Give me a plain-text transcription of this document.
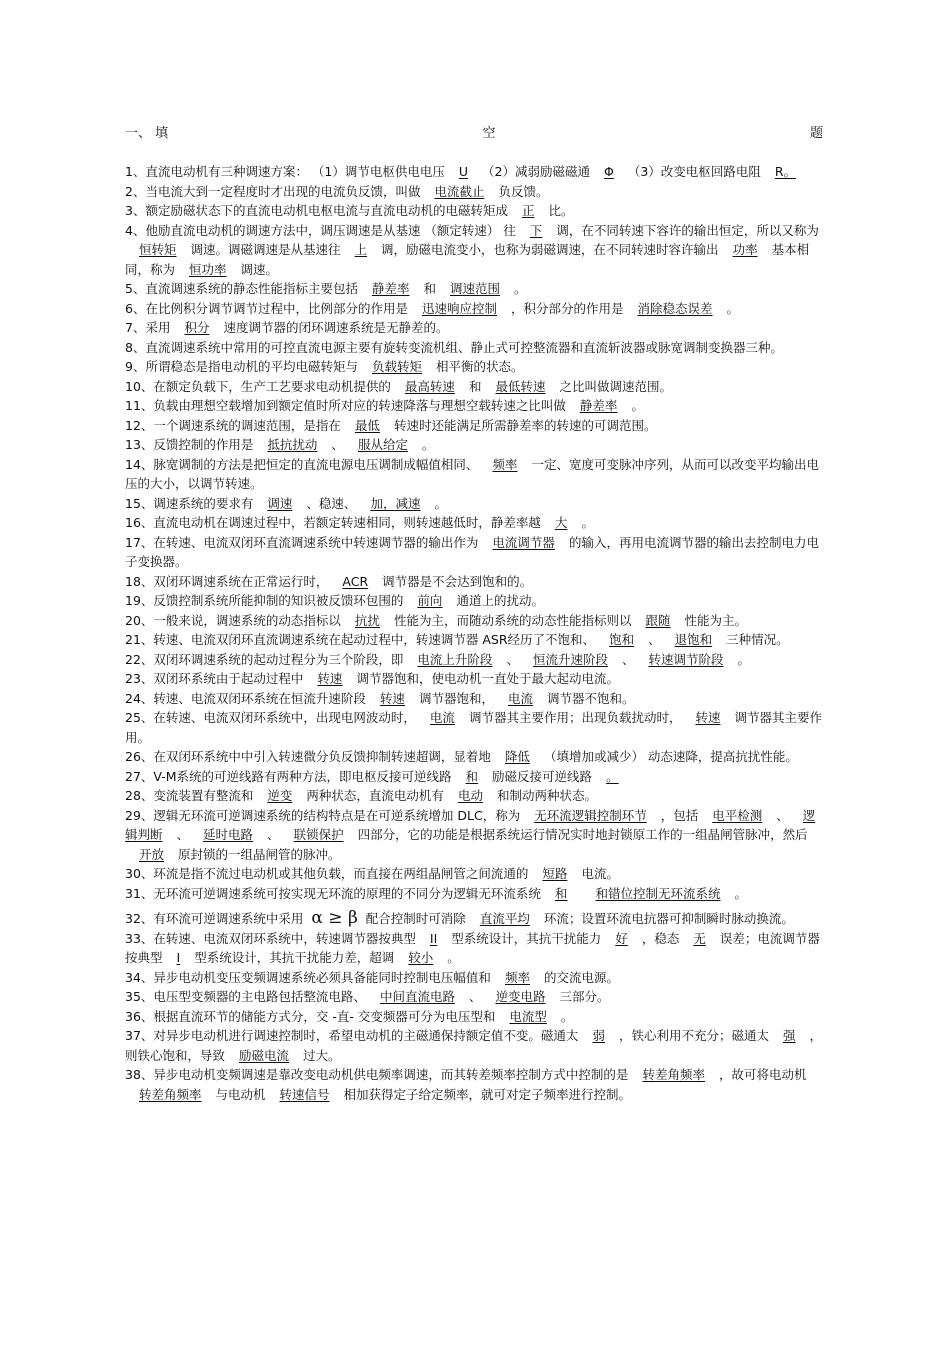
一、 填	空	题

1、直流电动机有三种调速方案： （1）调节电枢供电电压 U （2）减弱励磁磁通 Φ （3）改变电枢回路电阻 R。

2、当电流大到一定程度时才出现的电流负反馈，叫做 电流截止 负反馈。

3、额定励磁状态下的直流电动机电枢电流与直流电动机的电磁转矩成 正 比。

4、他励直流电动机的调速方法中，调压调速是从基速 （额定转速） 往 下 调，在不同转速下容许的输出恒定，所以又称为恒转矩 调速。调磁调速是从基速往 上 调，励磁电流变小，也称为弱磁调速，在不同转速时容许输出 功率 基本相同，称为 恒功率 调速。

5、直流调速系统的静态性能指标主要包括 静差率 和 调速范围 。

6、在比例积分调节调节过程中，比例部分的作用是 迅速响应控制 ，积分部分的作用是 消除稳态误差 。

7、采用 积分 速度调节器的闭环调速系统是无静差的。

8、直流调速系统中常用的可控直流电源主要有旋转变流机组、静止式可控整流器和直流斩波器或脉宽调制变换器三种。

9、所谓稳态是指电动机的平均电磁转矩与 负载转矩 相平衡的状态。

10、在额定负载下，生产工艺要求电动机提供的 最高转速 和 最低转速 之比叫做调速范围。

11、负载由理想空载增加到额定值时所对应的转速降落与理想空载转速之比叫做 静差率 。

12、一个调速系统的调速范围，是指在 最低 转速时还能满足所需静差率的转速的可调范围。

13、反馈控制的作用是 抵抗扰动 、 服从给定 。

14、脉宽调制的方法是把恒定的直流电源电压调制成幅值相同、 频率 一定、宽度可变脉冲序列，从而可以改变平均输出电压的大小，以调节转速。

15、调速系统的要求有 调速 、稳速、 加，减速 。

16、直流电动机在调速过程中，若额定转速相同，则转速越低时，静差率越 大 。

17、在转速、电流双闭环直流调速系统中转速调节器的输出作为 电流调节器 的输入，再用电流调节器的输出去控制电力电子变换器。

18、双闭环调速系统在正常运行时， ACR 调节器是不会达到饱和的。

19、反馈控制系统所能抑制的知识被反馈环包围的 前向 通道上的扰动。

20、一般来说，调速系统的动态指标以 抗扰 性能为主，而随动系统的动态性能指标则以 跟随 性能为主。

21、转速、电流双闭环直流调速系统在起动过程中，转速调节器 ASR经历了不饱和、 饱和 、 退饱和 三种情况。

22、双闭环调速系统的起动过程分为三个阶段，即 电流上升阶段 、 恒流升速阶段 、 转速调节阶段 。

23、双闭环系统由于起动过程中 转速 调节器饱和，使电动机一直处于最大起动电流。

24、转速、电流双闭环系统在恒流升速阶段 转速 调节器饱和， 电流 调节器不饱和。

25、在转速、电流双闭环系统中，出现电网波动时， 电流 调节器其主要作用；出现负载扰动时， 转速 调节器其主要作用。

26、在双闭环系统中中引入转速微分负反馈抑制转速超调，显着地 降低 （填增加或减少） 动态速降，提高抗扰性能。

27、V-M系统的可逆线路有两种方法，即电枢反接可逆线路 和 励磁反接可逆线路 。

28、变流装置有整流和 逆变 两种状态，直流电动机有 电动 和制动两种状态。

29、逻辑无环流可逆调速系统的结构特点是在可逆系统增加 DLC，称为 无环流逻辑控制环节 ，包括 电平检测 、 逻辑判断 、 延时电路 、 联锁保护 四部分，它的功能是根据系统运行情况实时地封锁原工作的一组晶闸管脉冲，然后开放 原封锁的一组晶闸管的脉冲。

30、环流是指不流过电动机或其他负载，而直接在两组晶闸管之间流通的 短路 电流。

31、无环流可逆调速系统可按实现无环流的原理的不同分为逻辑无环流系统 和 和错位控制无环流系统 。

32、有环流可逆调速系统中采用 α ≥ β 配合控制时可消除 直流平均 环流；设置环流电抗器可抑制瞬时脉动换流。

33、在转速、电流双闭环系统中，转速调节器按典型 II 型系统设计，其抗干扰能力 好 ，稳态 无 误差；电流调节器按典型 I 型系统设计，其抗干扰能力差，超调 较小 。

34、异步电动机变压变频调速系统必须具备能同时控制电压幅值和 频率 的交流电源。

35、电压型变频器的主电路包括整流电路、 中间直流电路 、 逆变电路 三部分。

36、根据直流环节的储能方式分，交 -直- 交变频器可分为电压型和 电流型 。

37、对异步电动机进行调速控制时，希望电动机的主磁通保持额定值不变。磁通太 弱 ，铁心利用不充分；磁通太 强 ，则铁心饱和，导致 励磁电流 过大。

38、异步电动机变频调速是靠改变电动机供电频率调速，而其转差频率控制方式中控制的是 转差角频率 ，故可将电动机转差角频率 与电动机 转速信号 相加获得定子给定频率，就可对定子频率进行控制。
